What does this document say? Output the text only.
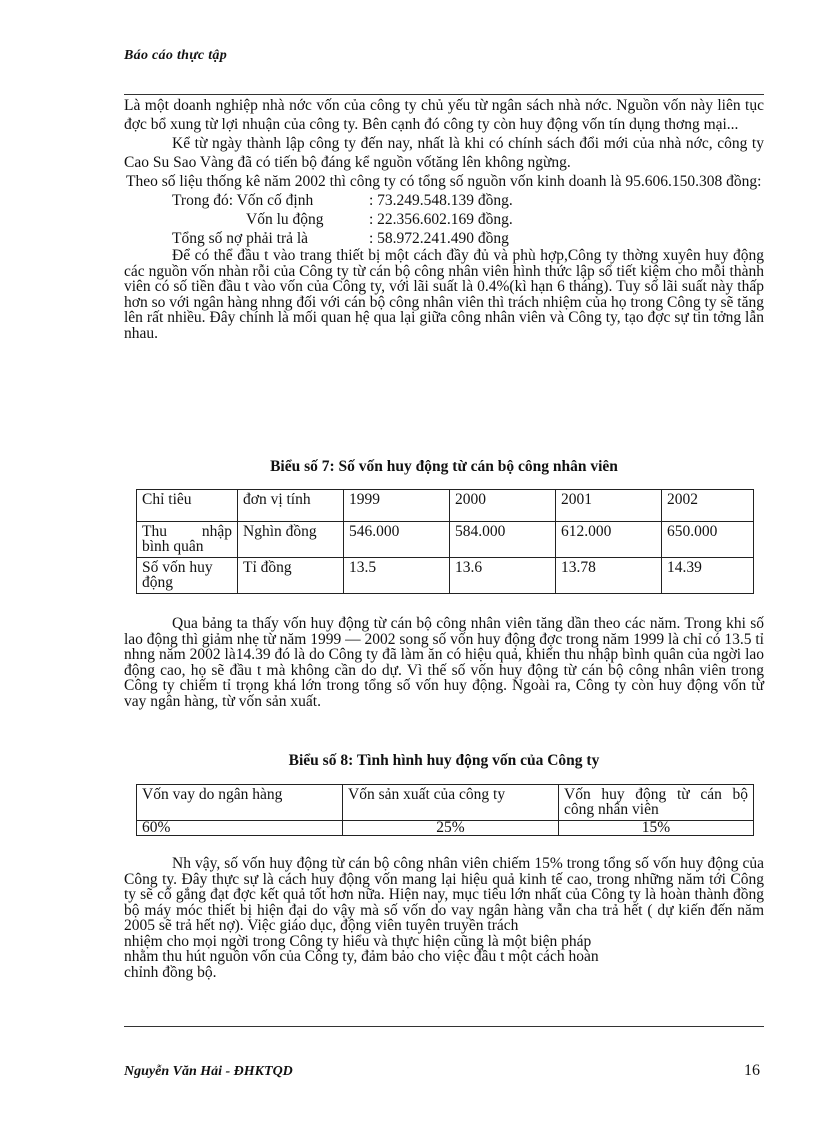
Báo cáo thực tập

Là một doanh nghiệp nhà nớc vốn của công ty chủ yếu từ ngân sách nhà nớc. Nguồn vốn này liên tục đợc bổ xung từ lợi nhuận của công ty. Bên cạnh đó công ty còn huy động vốn tín dụng thơng mại...

Kể từ ngày thành lập công ty đến nay, nhất là khi có chính sách đổi mới của nhà nớc, công ty Cao Su Sao Vàng đã có tiến bộ đáng kể nguồn vốtăng lên không ngừng.

Theo số liệu thống kê năm 2002 thì công ty có tổng số nguồn vốn kinh doanh là 95.606.150.308 đồng:

Trong đó: Vốn cố định	: 73.249.548.139 đồng.
Vốn lu động	: 22.356.602.169 đồng.
Tổng số nợ phải trả là	: 58.972.241.490 đồng

Để có thể đầu t vào trang thiết bị một cách đầy đủ và phù hợp,Công ty thờng xuyên huy động các nguồn vốn nhàn rỗi của Công ty từ cán bộ công nhân viên hình thức lập sổ tiết kiệm cho mỗi thành viên có số tiền đầu t vào vốn của Công ty, với lãi suất là 0.4%(kì hạn 6 tháng). Tuy số lãi suất này thấp hơn so với ngân hàng nhng đối với cán bộ công nhân viên thì trách nhiệm của họ trong Công ty sẽ tăng lên rất nhiều. Đây chính là mối quan hệ qua lại giữa công nhân viên và Công ty, tạo đợc sự tin tởng lẫn nhau.

Biểu số 7: Số vốn huy động từ cán bộ công nhân viên
Chỉ tiêu	đơn vị tính	1999	2000	2001	2002
Thu nhập bình quân	Nghìn đồng	546.000	584.000	612.000	650.000
Số vốn huy động	Tỉ đồng	13.5	13.6	13.78	14.39

Qua bảng ta thấy vốn huy động từ cán bộ công nhân viên tăng dần theo các năm. Trong khi số lao động thì giảm nhẹ từ năm 1999 — 2002 song số vốn huy động đợc trong năm 1999 là chỉ có 13.5 tỉ nhng năm 2002 là14.39 đó là do Công ty đã làm ăn có hiệu quả, khiến thu nhập bình quân của ngời lao động cao, họ sẽ đầu t mà không cần do dự. Vì thế số vốn huy động từ cán bộ công nhân viên trong Công ty chiếm tỉ trọng khá lớn trong tổng số vốn huy động. Ngoài ra, Công ty còn huy động vốn từ vay ngân hàng, từ vốn sản xuất.

Biểu số 8: Tình hình huy động vốn của Công ty
Vốn vay do ngân hàng	Vốn sản xuất của công ty	Vốn huy động từ cán bộ công nhân viên
60%	25%	15%

Nh vậy, số vốn huy động từ cán bộ công nhân viên chiếm 15% trong tổng số vốn huy động của Công ty. Đây thực sự là cách huy động vốn mang lại hiệu quả kinh tế cao, trong những năm tới Công ty sẽ cố gắng đạt đợc kết quả tốt hơn nữa. Hiện nay, mục tiêu lớn nhất của Công ty là hoàn thành đồng bộ máy móc thiết bị hiện đại do vậy mà số vốn do vay ngân hàng vẫn cha trả hết ( dự kiến đến năm 2005 sẽ trả hết nợ). Việc giáo dục, động viên tuyên truyền trách

nhiệm cho mọi ngời trong Công ty hiểu và thực hiện cũng là một biện pháp
nhằm thu hút nguồn vốn của Công ty, đảm bảo cho việc đầu t một cách hoàn
chỉnh đồng bộ.
Nguyễn Văn Hải - ĐHKTQD	16
